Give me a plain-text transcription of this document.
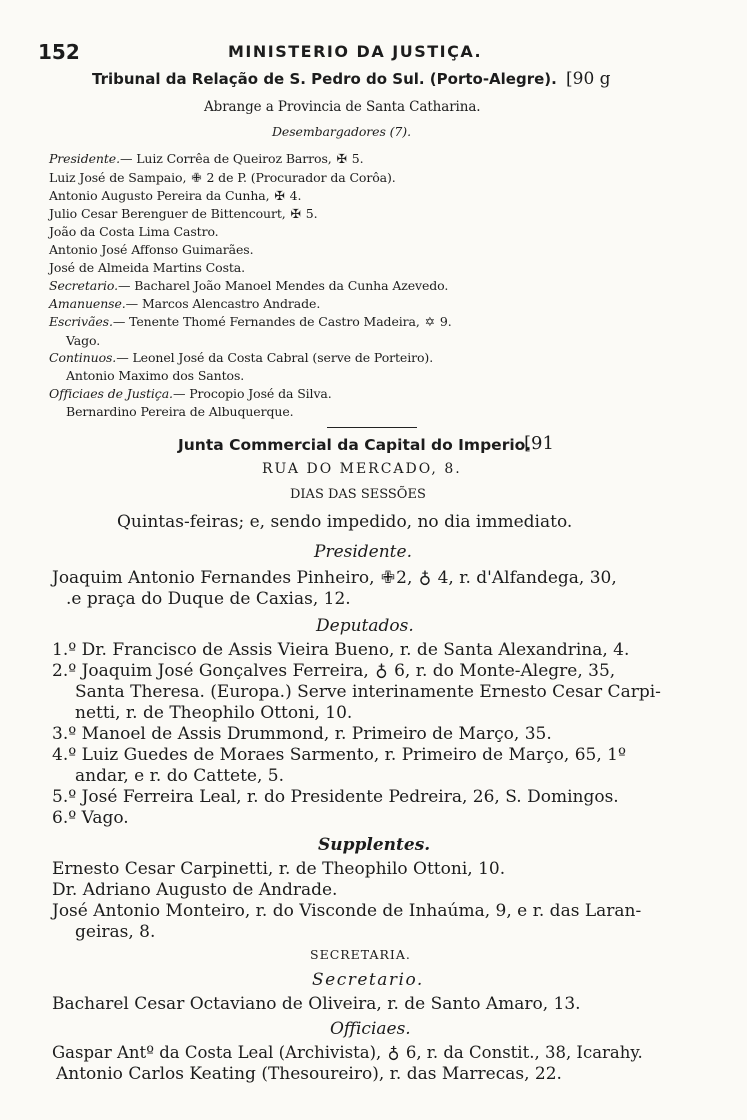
152	MINISTERIO DA JUSTIÇA.
Tribunal da Relação de S. Pedro do Sul. (Porto-Alegre). [90 g
Abrange a Provincia de Santa Catharina.
Desembargadores (7).
Presidente.— Luiz Corrêa de Queiroz Barros, ✠ 5.
Luiz José de Sampaio, ✙ 2 de P. (Procurador da Corôa).
Antonio Augusto Pereira da Cunha, ✠ 4.
Julio Cesar Berenguer de Bittencourt, ✠ 5.
João da Costa Lima Castro.
Antonio José Affonso Guimarães.
José de Almeida Martins Costa.
Secretario.— Bacharel João Manoel Mendes da Cunha Azevedo.
Amanuense.— Marcos Alencastro Andrade.
Escrivães.— Tenente Thomé Fernandes de Castro Madeira, ✡ 9.
Vago.
Continuos.— Leonel José da Costa Cabral (serve de Porteiro).
Antonio Maximo dos Santos.
Officiaes de Justiça.— Procopio José da Silva.
Bernardino Pereira de Albuquerque.
Junta Commercial da Capital do Imperio.
[91
RUA DO MERCADO, 8.
DIAS DAS SESSÕES
Quintas-feiras; e, sendo impedido, no dia immediato.
Presidente.
Joaquim Antonio Fernandes Pinheiro, ✙2, ♁ 4, r. d'Alfandega, 30,
.e praça do Duque de Caxias, 12.
Deputados.
1.º Dr. Francisco de Assis Vieira Bueno, r. de Santa Alexandrina, 4.
2.º Joaquim José Gonçalves Ferreira, ♁ 6, r. do Monte-Alegre, 35,
Santa Theresa. (Europa.) Serve interinamente Ernesto Cesar Carpi-
netti, r. de Theophilo Ottoni, 10.
3.º Manoel de Assis Drummond, r. Primeiro de Março, 35.
4.º Luiz Guedes de Moraes Sarmento, r. Primeiro de Março, 65, 1º
andar, e r. do Cattete, 5.
5.º José Ferreira Leal, r. do Presidente Pedreira, 26, S. Domingos.
6.º Vago.
Supplentes.
Ernesto Cesar Carpinetti, r. de Theophilo Ottoni, 10.
Dr. Adriano Augusto de Andrade.
José Antonio Monteiro, r. do Visconde de Inhaúma, 9, e r. das Laran-
geiras, 8.
SECRETARIA.
Secretario.
Bacharel Cesar Octaviano de Oliveira, r. de Santo Amaro, 13.
Officiaes.
Gaspar Antº da Costa Leal (Archivista), ♁ 6, r. da Constit., 38, Icarahy.
Antonio Carlos Keating (Thesoureiro), r. das Marrecas, 22.
